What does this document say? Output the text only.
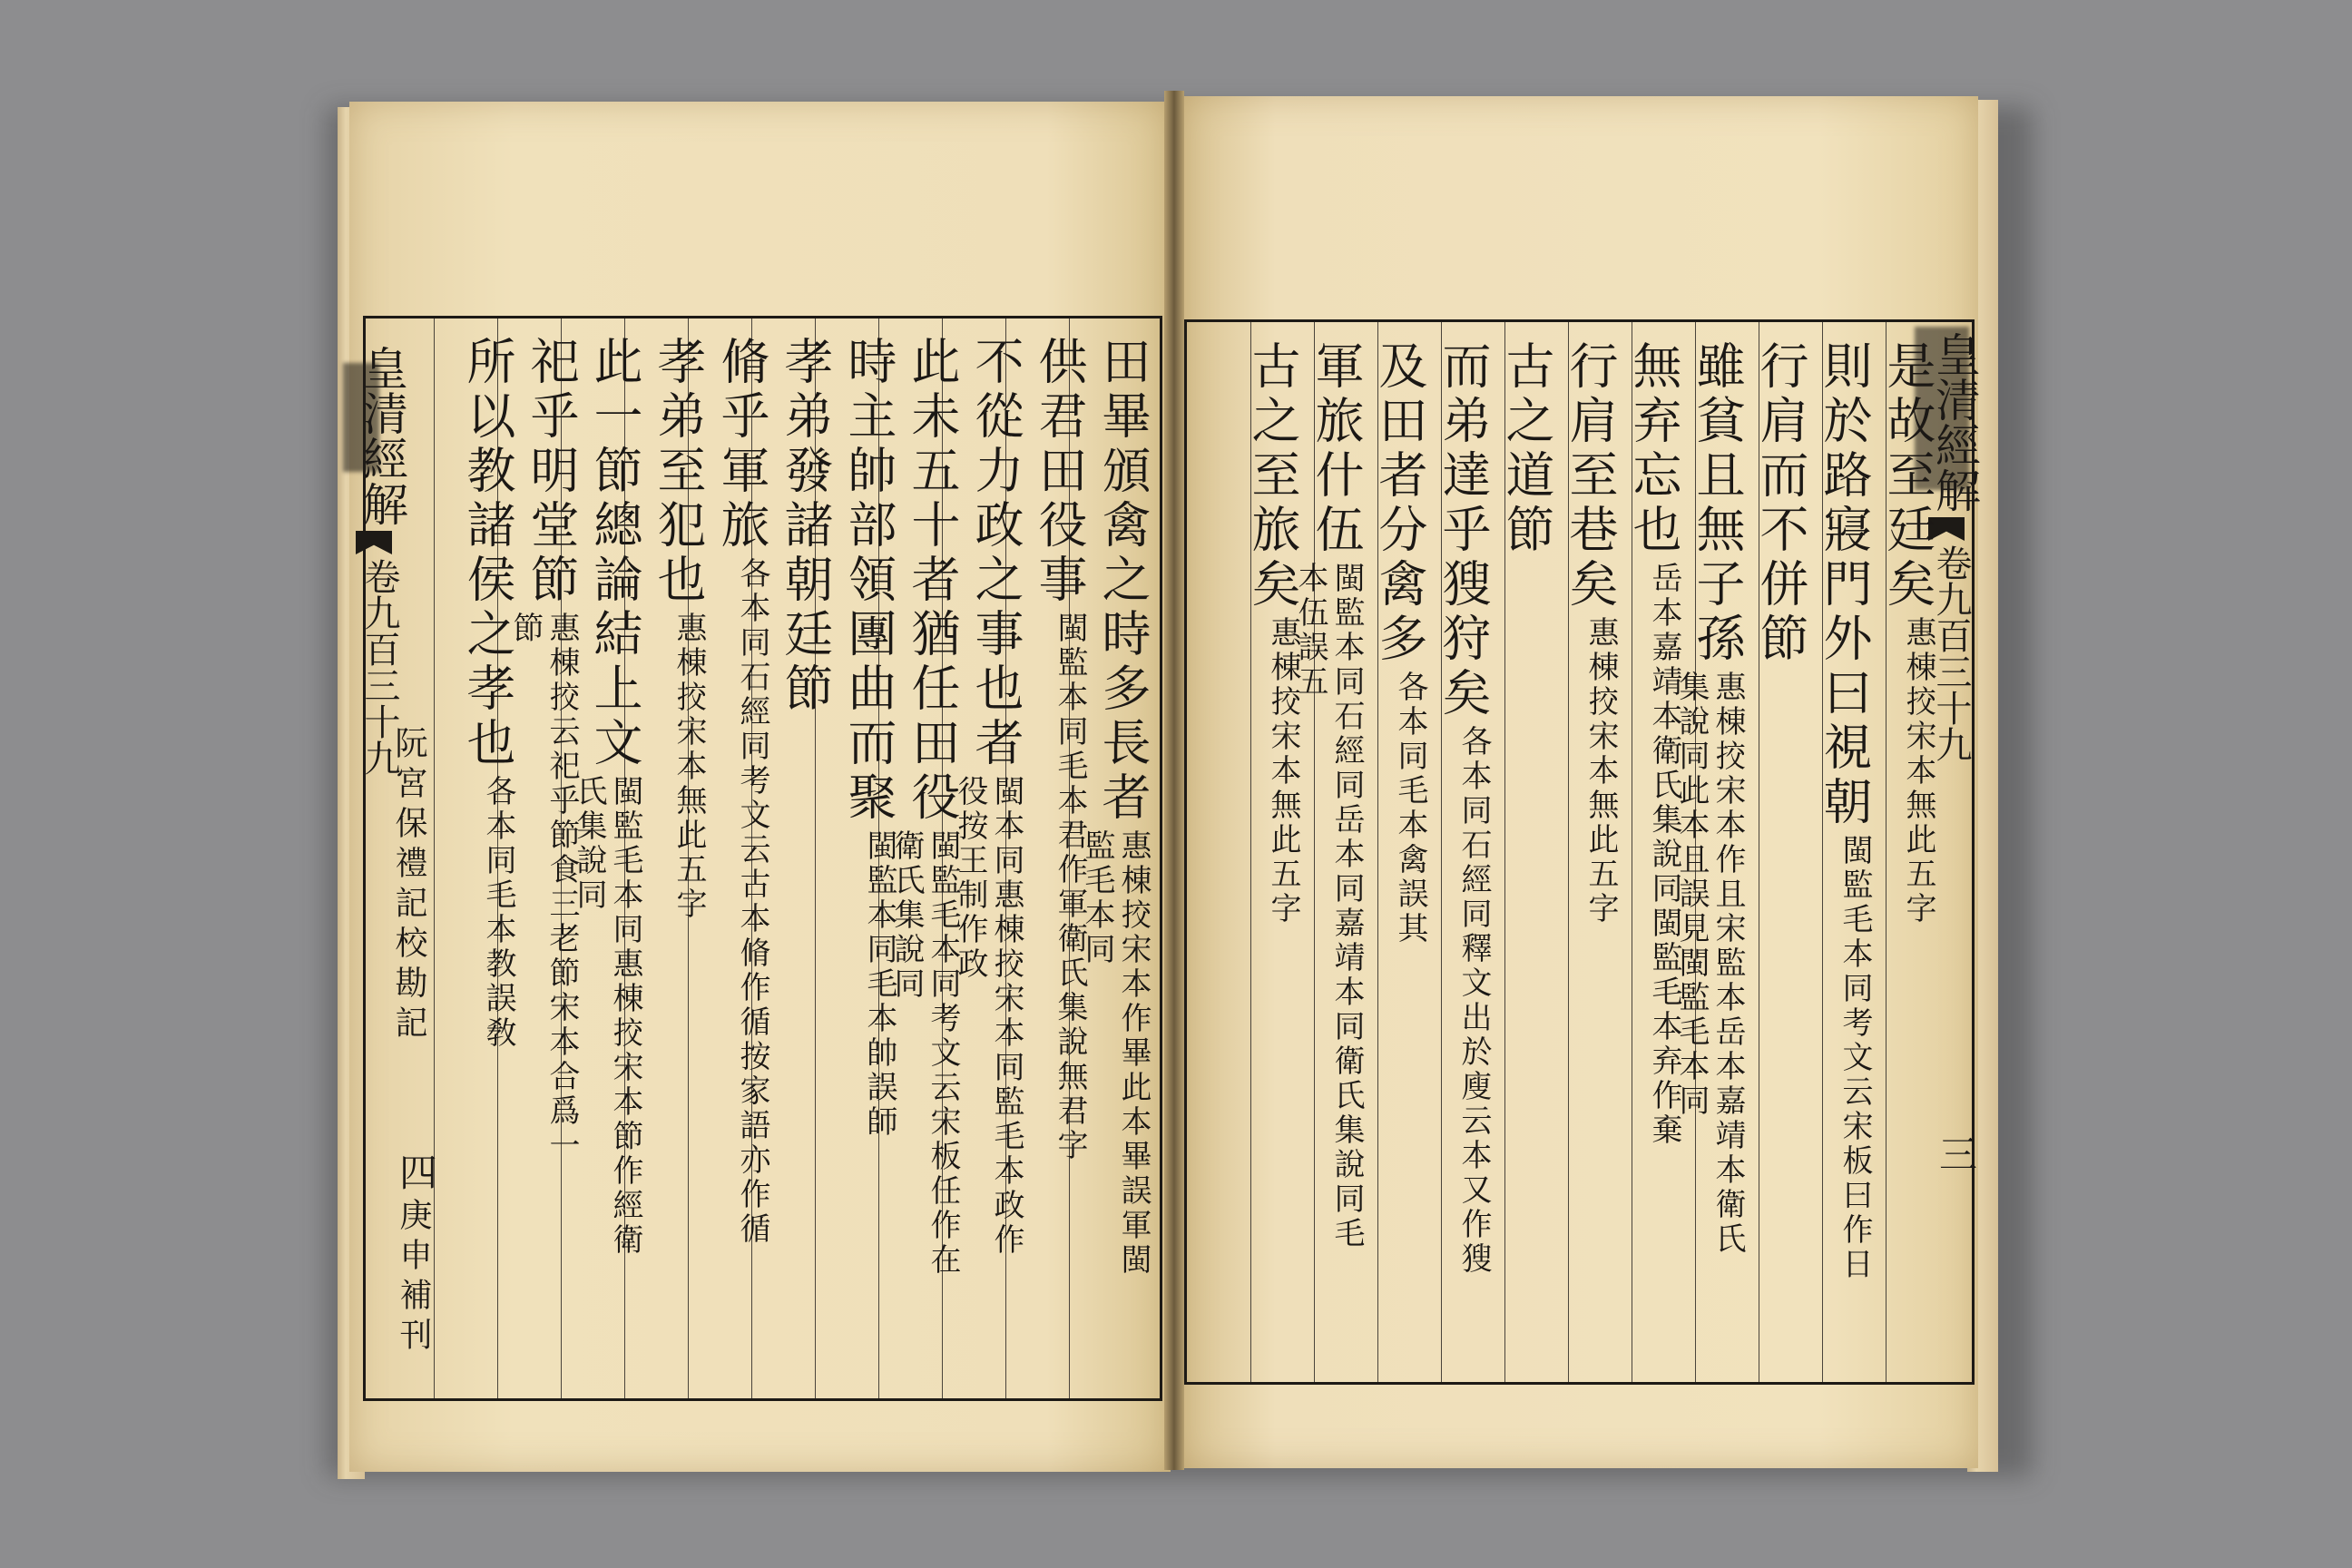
皇清經解
卷九百三十九
阮宮保禮記校勘記
四
庚申補刊
田畢頒禽之時多長者
惠棟挍宋本作畢此本畢誤軍閩
監毛本同
供君田役事
閩監本同毛本君作軍衛氏集說無君字
不從力政之事也者
閩本同惠棟挍宋本同監毛本政作
役按王制作政
此未五十者猶任田役
閩監毛本同考文云宋板任作在
衛氏集說同
時主帥部領團曲而聚
閩監本同毛本帥誤師
孝弟發諸朝廷節
脩乎軍旅
各本同石經同考文云古本脩作循按家語亦作循
孝弟至犯也
惠棟挍宋本無此五字
此一節總論結上文
閩監毛本同惠棟挍宋本節作經衛
氏集說同
祀乎明堂節
惠棟挍云祀乎節食三老節宋本合爲一
節
所以教諸侯之孝也
各本同毛本教誤敎
皇清經解
卷九百三十九
三
是故至廷矣
惠棟挍宋本無此五字
則於路寢門外曰視朝
閩監毛本同考文云宋板曰作日
行肩而不併節
雖貧且無子孫
惠棟挍宋本作且宋監本岳本嘉靖本衛氏
集說同此本且誤見閩監毛本同
無弃忘也
岳本嘉靖本衛氏集說同閩監毛本弃作棄
行肩至巷矣
惠棟挍宋本無此五字
古之道節
而弟達乎獀狩矣
各本同石經同釋文出於廋云本又作獀
及田者分禽多
各本同毛本禽誤其
軍旅什伍
閩監本同石經同岳本同嘉靖本同衛氏集說同毛
本伍誤五
古之至旅矣
惠棟挍宋本無此五字
